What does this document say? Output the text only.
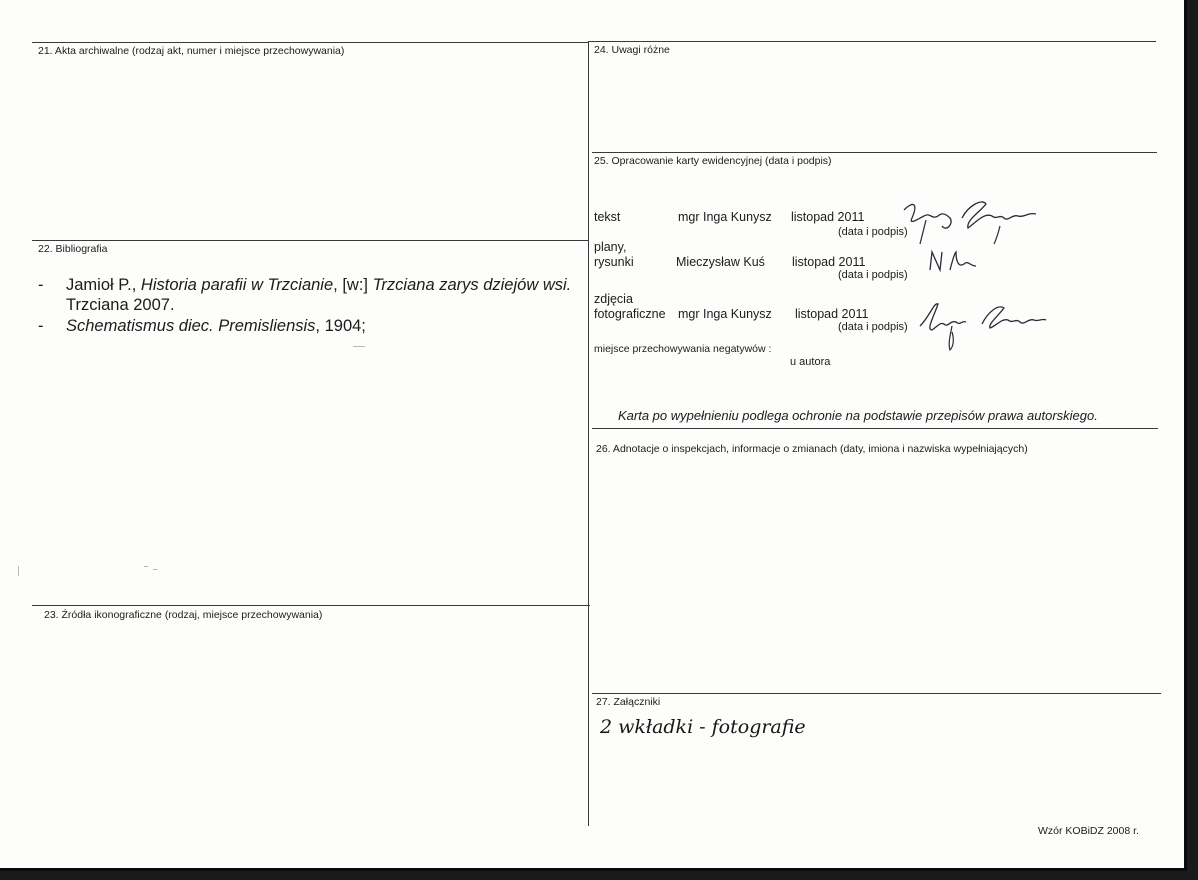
21. Akta archiwalne (rodzaj akt, numer i miejsce przechowywania)
22. Bibliografia
- Jamioł P., Historia parafii w Trzcianie, [w:] Trzciana zarys dziejów wsi.
Trzciana 2007.
- Schematismus diec. Premisliensis, 1904;
23. Źródła ikonograficzne (rodzaj, miejsce przechowywania)
24. Uwagi różne
25. Opracowanie karty ewidencyjnej (data i podpis)
tekst	mgr Inga Kunysz listopad 2011
(data i podpis)
plany,
rysunki	Mieczysław Kuś listopad 2011
(data i podpis)
zdjęcia
fotograficzne mgr Inga Kunysz listopad 2011
(data i podpis)
miejsce przechowywania negatywów :
u autora
Karta po wypełnieniu podlega ochronie na podstawie przepisów prawa autorskiego.
26. Adnotacje o inspekcjach, informacje o zmianach (daty, imiona i nazwiska wypełniających)
27. Załączniki
2 wkładki - fotografie
Wzór KOBiDZ 2008 r.
